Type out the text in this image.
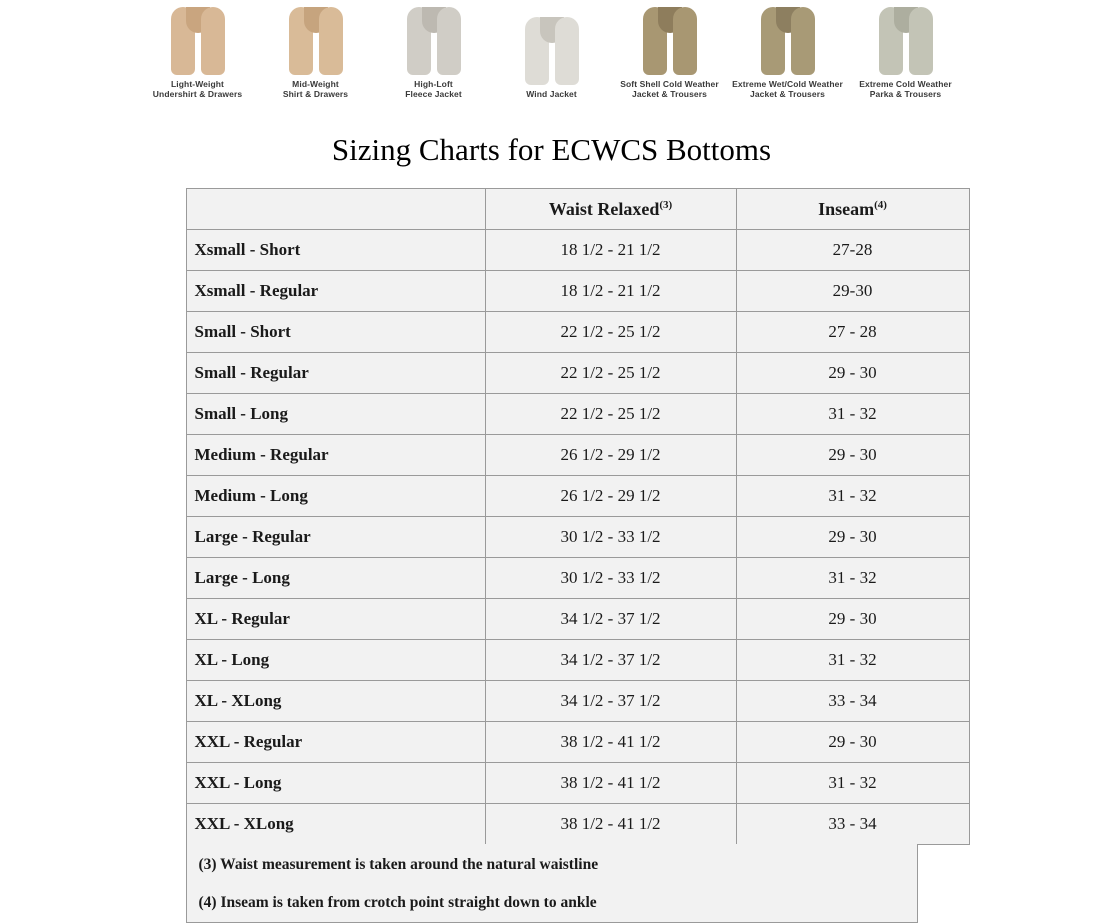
Light-Weight
Undershirt & Drawers
Mid-Weight
Shirt & Drawers
High-Loft
Fleece Jacket	Wind Jacket
Soft Shell Cold Weather
Jacket & Trousers
Extreme Wet/Cold Weather
Jacket & Trousers
Extreme Cold Weather
Parka & Trousers
Sizing Charts for ECWCS Bottoms
	Waist Relaxed$^{(3)}$	Inseam$^{(4)}$
Xsmall - Short	18 1/2 - 21 1/2	27-28
Xsmall - Regular	18 1/2 - 21 1/2	29-30
Small - Short	22 1/2 - 25 1/2	27 - 28
Small - Regular	22 1/2 - 25 1/2	29 - 30
Small - Long	22 1/2 - 25 1/2	31 - 32
Medium - Regular	26 1/2 - 29 1/2	29 - 30
Medium - Long	26 1/2 - 29 1/2	31 - 32
Large - Regular	30 1/2 - 33 1/2	29 - 30
Large - Long	30 1/2 - 33 1/2	31 - 32
XL - Regular	34 1/2 - 37 1/2	29 - 30
XL - Long	34 1/2 - 37 1/2	31 - 32
XL - XLong	34 1/2 - 37 1/2	33 - 34
XXL - Regular	38 1/2 - 41 1/2	29 - 30
XXL - Long	38 1/2 - 41 1/2	31 - 32
XXL - XLong	38 1/2 - 41 1/2	33 - 34
(3) Waist measurement is taken around the natural waistline
(4) Inseam is taken from crotch point straight down to ankle
